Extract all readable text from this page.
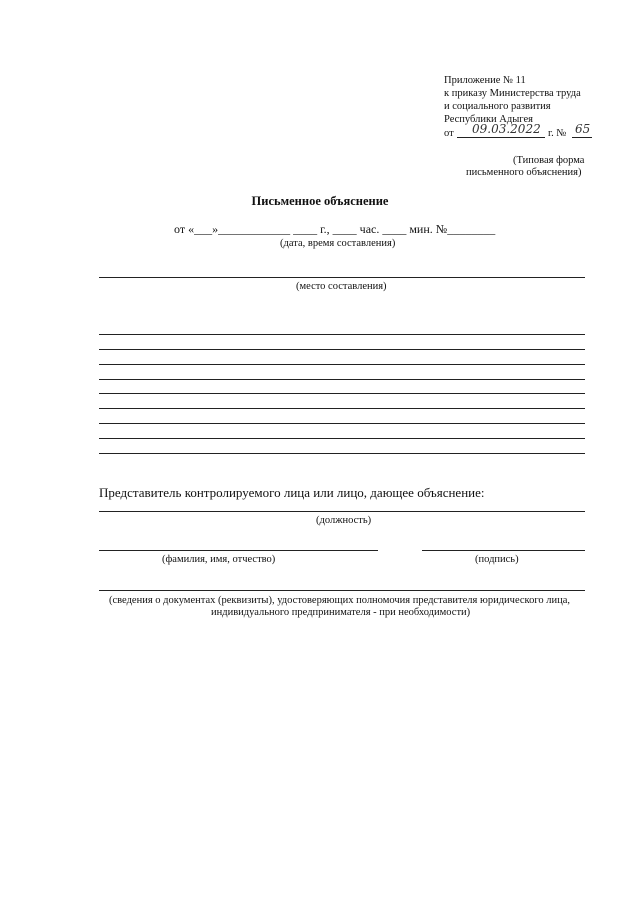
Приложение № 11
к приказу Министерства труда
и социального развития
Республики Адыгея
от 09.03.2022 г. № 65
(Типовая форма
письменного объяснения)
Письменное объяснение
от «___»____________ ____ г., ____ час. ____ мин. №________
(дата, время составления)
(место составления)
Представитель контролируемого лица или лицо, дающее объяснение:
(должность)
(фамилия, имя, отчество)	(подпись)
(сведения о документах (реквизиты), удостоверяющих полномочия представителя юридического лица,
индивидуального предпринимателя - при необходимости)
